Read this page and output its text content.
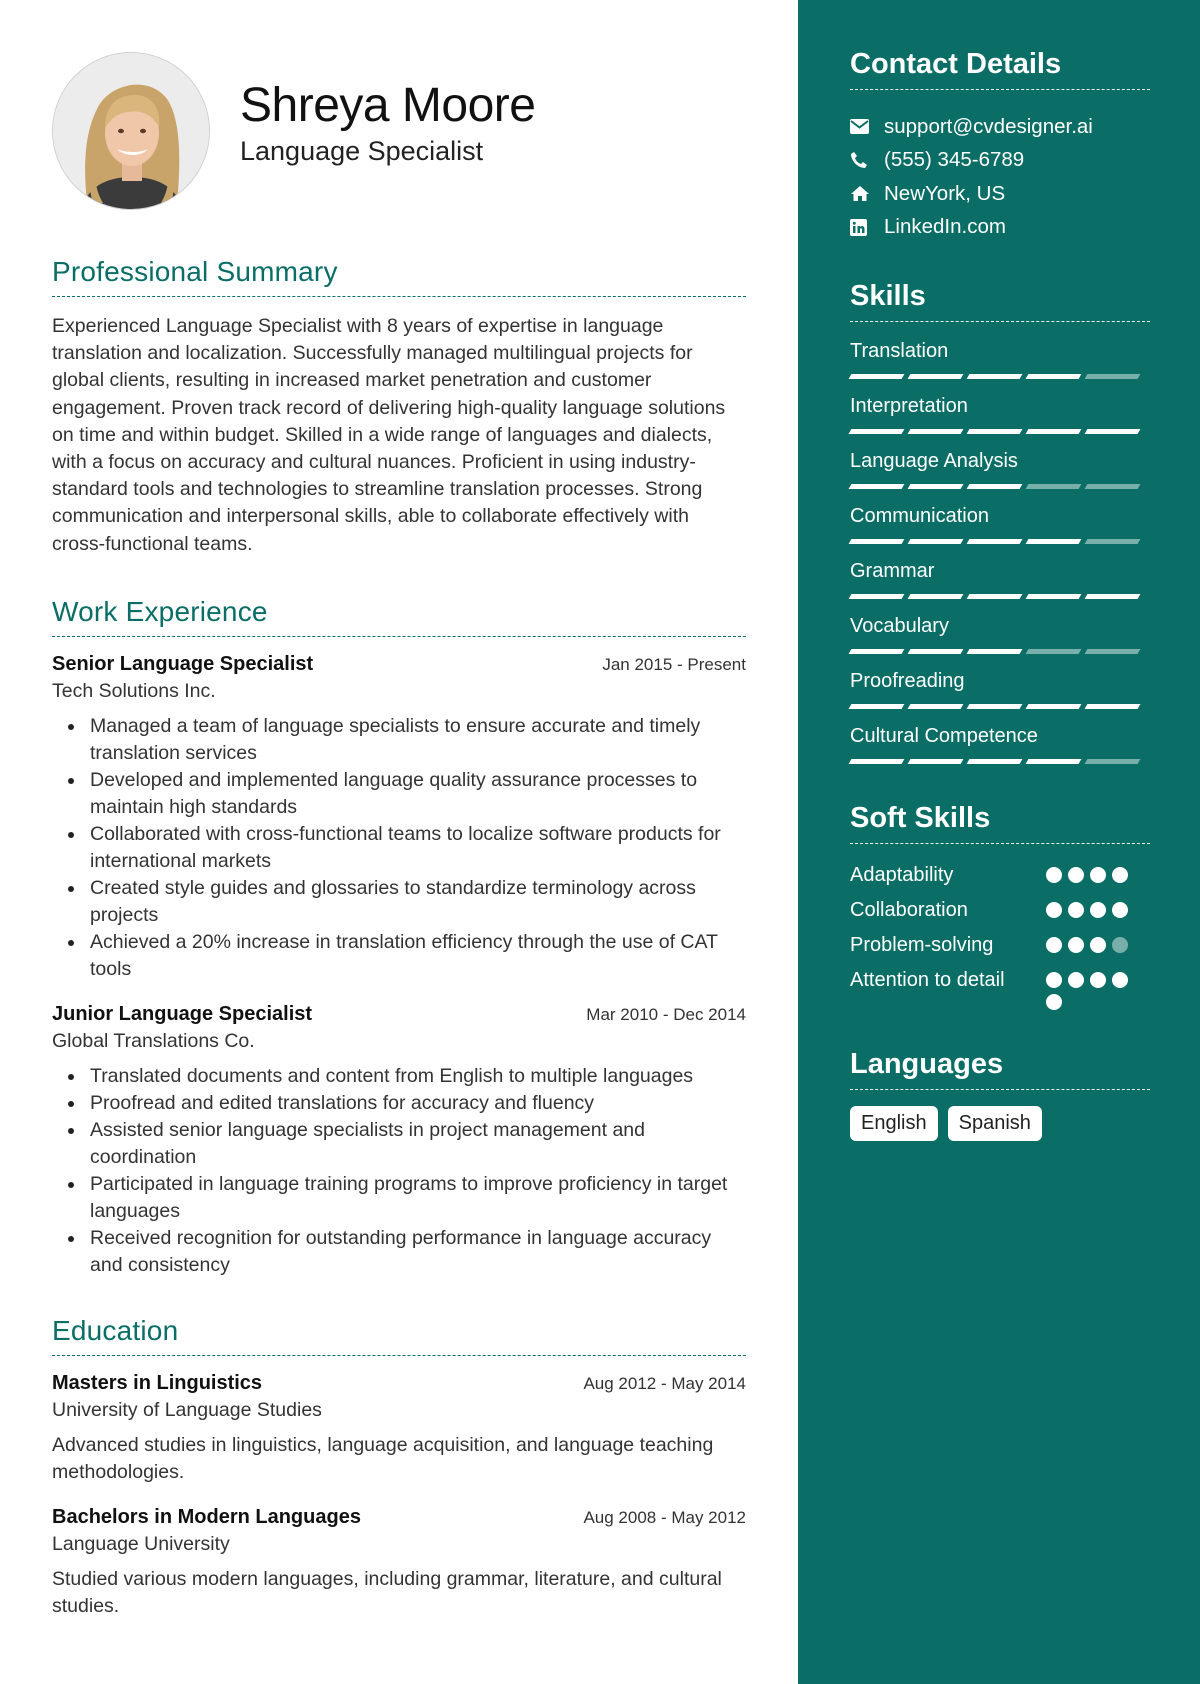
Shreya Moore
Language Specialist
Professional Summary

Experienced Language Specialist with 8 years of expertise in language translation and localization. Successfully managed multilingual projects for global clients, resulting in increased market penetration and customer engagement. Proven track record of delivering high-quality language solutions on time and within budget. Skilled in a wide range of languages and dialects, with a focus on accuracy and cultural nuances. Proficient in using industry-standard tools and technologies to streamline translation processes. Strong communication and interpersonal skills, able to collaborate effectively with cross-functional teams.

Work Experience
Senior Language Specialist	Jan 2015 - Present
Tech Solutions Inc.
Managed a team of language specialists to ensure accurate and timely translation services
Developed and implemented language quality assurance processes to maintain high standards
Collaborated with cross-functional teams to localize software products for international markets
Created style guides and glossaries to standardize terminology across projects
Achieved a 20% increase in translation efficiency through the use of CAT tools
Junior Language Specialist	Mar 2010 - Dec 2014
Global Translations Co.
Translated documents and content from English to multiple languages
Proofread and edited translations for accuracy and fluency
Assisted senior language specialists in project management and coordination
Participated in language training programs to improve proficiency in target languages
Received recognition for outstanding performance in language accuracy and consistency
Education
Masters in Linguistics	Aug 2012 - May 2014
University of Language Studies

Advanced studies in linguistics, language acquisition, and language teaching methodologies.

Bachelors in Modern Languages	Aug 2008 - May 2012
Language University

Studied various modern languages, including grammar, literature, and cultural studies.

Contact Details
support@cvdesigner.ai
(555) 345-6789
NewYork, US
LinkedIn.com
Skills
Translation
Interpretation
Language Analysis
Communication
Grammar
Vocabulary
Proofreading
Cultural Competence
Soft Skills
Adaptability
Collaboration
Problem-solving
Attention to detail
Languages
English	Spanish
